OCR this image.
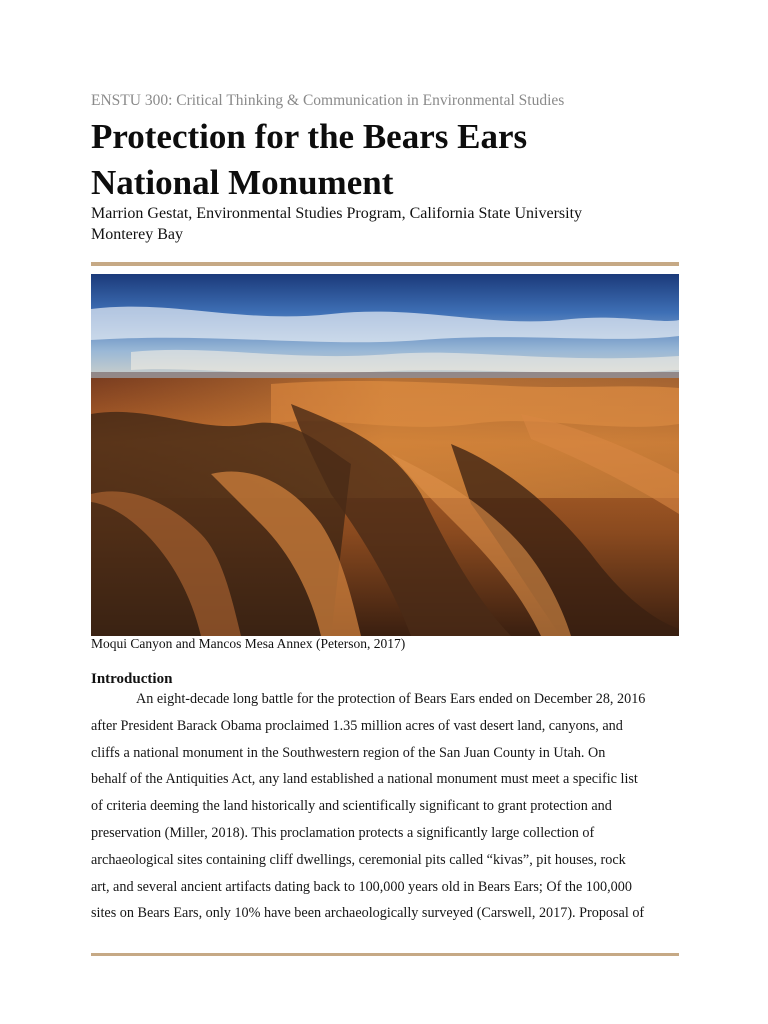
ENSTU 300: Critical Thinking & Communication in Environmental Studies
Protection for the Bears Ears
National Monument
Marrion Gestat, Environmental Studies Program, California State University
Monterey Bay
Moqui Canyon and Mancos Mesa Annex (Peterson, 2017)
Introduction
An eight-decade long battle for the protection of Bears Ears ended on December 28, 2016
after President Barack Obama proclaimed 1.35 million acres of vast desert land, canyons, and
cliffs a national monument in the Southwestern region of the San Juan County in Utah. On
behalf of the Antiquities Act, any land established a national monument must meet a specific list
of criteria deeming the land historically and scientifically significant to grant protection and
preservation (Miller, 2018). This proclamation protects a significantly large collection of
archaeological sites containing cliff dwellings, ceremonial pits called “kivas”, pit houses, rock
art, and several ancient artifacts dating back to 100,000 years old in Bears Ears; Of the 100,000
sites on Bears Ears, only 10% have been archaeologically surveyed (Carswell, 2017). Proposal of
